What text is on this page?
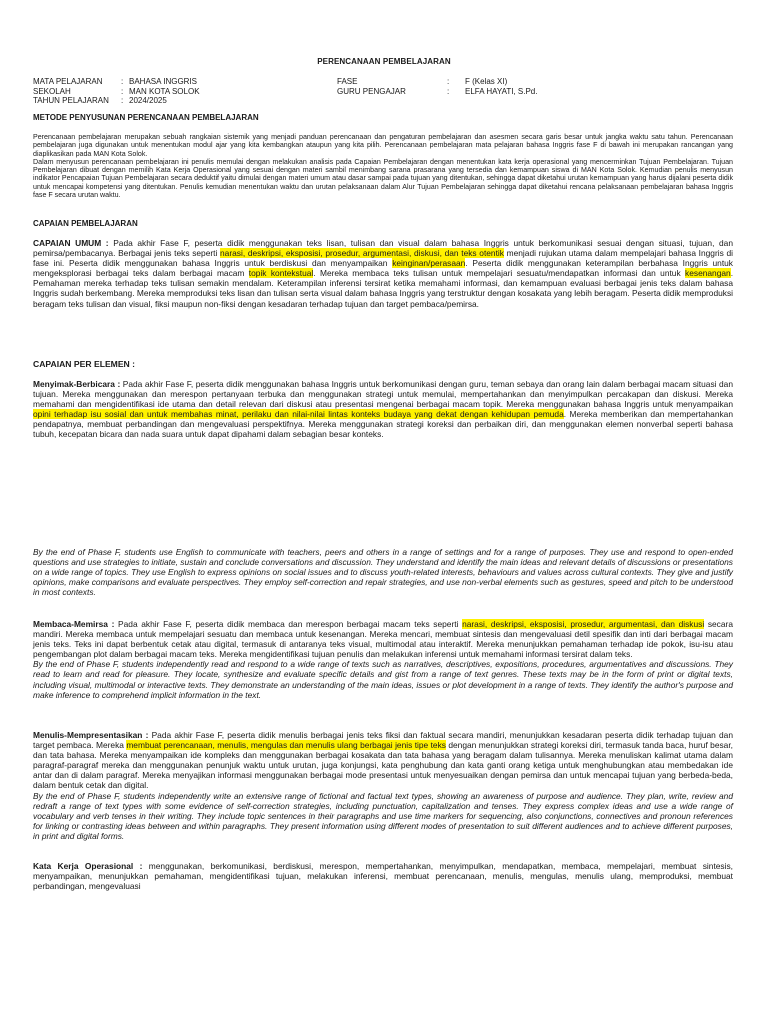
PERENCANAAN PEMBELAJARAN
MATA PELAJARAN : BAHASA INGGRIS	FASE	: F (Kelas XI)
SEKOLAH	: MAN KOTA SOLOK	GURU PENGAJAR	: ELFA HAYATI, S.Pd.
TAHUN PELAJARAN : 2024/2025
METODE PENYUSUNAN PERENCANAAN PEMBELAJARAN
Perencanaan pembelajaran merupakan sebuah rangkaian sistemik yang menjadi panduan perencanaan dan pengaturan pembelajaran dan asesmen secara garis besar untuk jangka waktu satu tahun. Perencanaan pembelajaran juga digunakan untuk menentukan modul ajar yang kita kembangkan ataupun yang kita pilih. Perencanaan pembelajaran mata pelajaran bahasa Inggris fase F di bawah ini merupakan rancangan yang diaplikasikan pada MAN Kota Solok.
Dalam menyusun perencanaan pembelajaran ini penulis memulai dengan melakukan analisis pada Capaian Pembelajaran dengan menentukan kata kerja operasional yang mencerminkan Tujuan Pembelajaran. Tujuan Pembelajaran dibuat dengan memilih Kata Kerja Operasional yang sesuai dengan materi sambil menimbang sarana prasarana yang tersedia dan kemampuan siswa di MAN Kota Solok. Kemudian penulis menyusun indikator Pencapaian Tujuan Pembelajaran secara deduktif yaitu dimulai dengan materi umum atau dasar sampai pada tujuan yang ditentukan, sehingga dapat diketahui urutan kemampuan yang harus dijalani peserta didik untuk mencapai kompetensi yang ditentukan. Penulis kemudian menentukan waktu dan urutan pelaksanaan dalam Alur Tujuan Pembelajaran sehingga dapat diketahui rencana pelaksanaan pembelajaran bahasa Inggris fase F secara urutan waktu.
CAPAIAN PEMBELAJARAN
CAPAIAN UMUM : Pada akhir Fase F, peserta didik menggunakan teks lisan, tulisan dan visual dalam bahasa Inggris untuk berkomunikasi sesuai dengan situasi, tujuan, dan pemirsa/pembacanya. Berbagai jenis teks seperti narasi, deskripsi, eksposisi, prosedur, argumentasi, diskusi, dan teks otentik menjadi rujukan utama dalam mempelajari bahasa Inggris di fase ini. Peserta didik menggunakan bahasa Inggris untuk berdiskusi dan menyampaikan keinginan/perasaan. Peserta didik menggunakan keterampilan berbahasa Inggris untuk mengeksplorasi berbagai teks dalam berbagai macam topik kontekstual. Mereka membaca teks tulisan untuk mempelajari sesuatu/mendapatkan informasi dan untuk kesenangan. Pemahaman mereka terhadap teks tulisan semakin mendalam. Keterampilan inferensi tersirat ketika memahami informasi, dan kemampuan evaluasi berbagai jenis teks dalam bahasa Inggris sudah berkembang. Mereka memproduksi teks lisan dan tulisan serta visual dalam bahasa Inggris yang terstruktur dengan kosakata yang lebih beragam. Peserta didik memproduksi beragam teks tulisan dan visual, fiksi maupun non-fiksi dengan kesadaran terhadap tujuan dan target pembaca/pemirsa.
CAPAIAN PER ELEMEN :
Menyimak-Berbicara : Pada akhir Fase F, peserta didik menggunakan bahasa Inggris untuk berkomunikasi dengan guru, teman sebaya dan orang lain dalam berbagai macam situasi dan tujuan. Mereka menggunakan dan merespon pertanyaan terbuka dan menggunakan strategi untuk memulai, mempertahankan dan menyimpulkan percakapan dan diskusi. Mereka memahami dan mengidentifikasi ide utama dan detail relevan dari diskusi atau presentasi mengenai berbagai macam topik. Mereka menggunakan bahasa Inggris untuk menyampaikan opini terhadap isu sosial dan untuk membahas minat, perilaku dan nilai-nilai lintas konteks budaya yang dekat dengan kehidupan pemuda. Mereka memberikan dan mempertahankan pendapatnya, membuat perbandingan dan mengevaluasi perspektifnya. Mereka menggunakan strategi koreksi dan perbaikan diri, dan menggunakan elemen nonverbal seperti bahasa tubuh, kecepatan bicara dan nada suara untuk dapat dipahami dalam sebagian besar konteks.
By the end of Phase F, students use English to communicate with teachers, peers and others in a range of settings and for a range of purposes. They use and respond to open-ended questions and use strategies to initiate, sustain and conclude conversations and discussion. They understand and identify the main ideas and relevant details of discussions or presentations on a wide range of topics. They use English to express opinions on social issues and to discuss youth-related interests, behaviours and values across cultural contexts. They give and justify opinions, make comparisons and evaluate perspectives. They employ self-correction and repair strategies, and use non-verbal elements such as gestures, speed and pitch to be understood in most contexts.
Membaca-Memirsa : Pada akhir Fase F, peserta didik membaca dan merespon berbagai macam teks seperti narasi, deskripsi, eksposisi, prosedur, argumentasi, dan diskusi secara mandiri. Mereka membaca untuk mempelajari sesuatu dan membaca untuk kesenangan. Mereka mencari, membuat sintesis dan mengevaluasi detil spesifik dan inti dari berbagai macam jenis teks. Teks ini dapat berbentuk cetak atau digital, termasuk di antaranya teks visual, multimodal atau interaktif. Mereka menunjukkan pemahaman terhadap ide pokok, isu-isu atau pengembangan plot dalam berbagai macam teks. Mereka mengidentifikasi tujuan penulis dan melakukan inferensi untuk memahami informasi tersirat dalam teks.
By the end of Phase F, students independently read and respond to a wide range of texts such as narratives, descriptives, expositions, procedures, argumentatives and discussions. They read to learn and read for pleasure. They locate, synthesize and evaluate specific details and gist from a range of text genres. These texts may be in the form of print or digital texts, including visual, multimodal or interactive texts. They demonstrate an understanding of the main ideas, issues or plot development in a range of texts. They identify the author's purpose and make inference to comprehend implicit information in the text.
Menulis-Mempresentasikan : Pada akhir Fase F, peserta didik menulis berbagai jenis teks fiksi dan faktual secara mandiri, menunjukkan kesadaran peserta didik terhadap tujuan dan target pembaca. Mereka membuat perencanaan, menulis, mengulas dan menulis ulang berbagai jenis tipe teks dengan menunjukkan strategi koreksi diri, termasuk tanda baca, huruf besar, dan tata bahasa. Mereka menyampaikan ide kompleks dan menggunakan berbagai kosakata dan tata bahasa yang beragam dalam tulisannya. Mereka menuliskan kalimat utama dalam paragraf-paragraf mereka dan menggunakan penunjuk waktu untuk urutan, juga konjungsi, kata penghubung dan kata ganti orang ketiga untuk menghubungkan atau membedakan ide antar dan di dalam paragraf. Mereka menyajikan informasi menggunakan berbagai mode presentasi untuk menyesuaikan dengan pemirsa dan untuk mencapai tujuan yang berbeda-beda, dalam bentuk cetak dan digital.
By the end of Phase F, students independently write an extensive range of fictional and factual text types, showing an awareness of purpose and audience. They plan, write, review and redraft a range of text types with some evidence of self-correction strategies, including punctuation, capitalization and tenses. They express complex ideas and use a wide range of vocabulary and verb tenses in their writing. They include topic sentences in their paragraphs and use time markers for sequencing, also conjunctions, connectives and pronoun references for linking or contrasting ideas between and within paragraphs. They present information using different modes of presentation to suit different audiences and to achieve different purposes, in print and digital forms.
Kata Kerja Operasional : menggunakan, berkomunikasi, berdiskusi, merespon, mempertahankan, menyimpulkan, mendapatkan, membaca, mempelajari, membuat sintesis, menyampaikan, menunjukkan pemahaman, mengidentifikasi tujuan, melakukan inferensi, membuat perencanaan, menulis, mengulas, menulis ulang, memproduksi, membuat perbandingan, mengevaluasi
